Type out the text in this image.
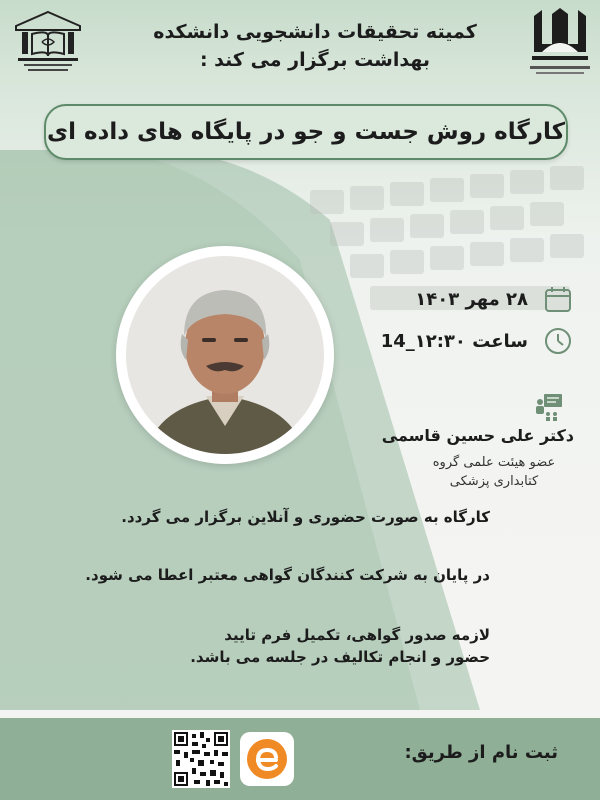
کمیته تحقیقات دانشجویی دانشکده
بهداشت برگزار می کند :
کارگاه روش جست و جو در پایگاه های داده ای
۲۸ مهر ۱۴۰۳
ساعت ۱۲:۳۰_14
دکتر علی حسین قاسمی
عضو هیئت علمی گروه
کتابداری پزشکی

کارگاه به صورت حضوری و آنلاین برگزار می گردد.

در پایان به شرکت کنندگان گواهی معتبر اعطا می شود.

لازمه صدور گواهی، تکمیل فرم تایید حضور و انجام تکالیف در جلسه می باشد.

ثبت نام از طریق:
